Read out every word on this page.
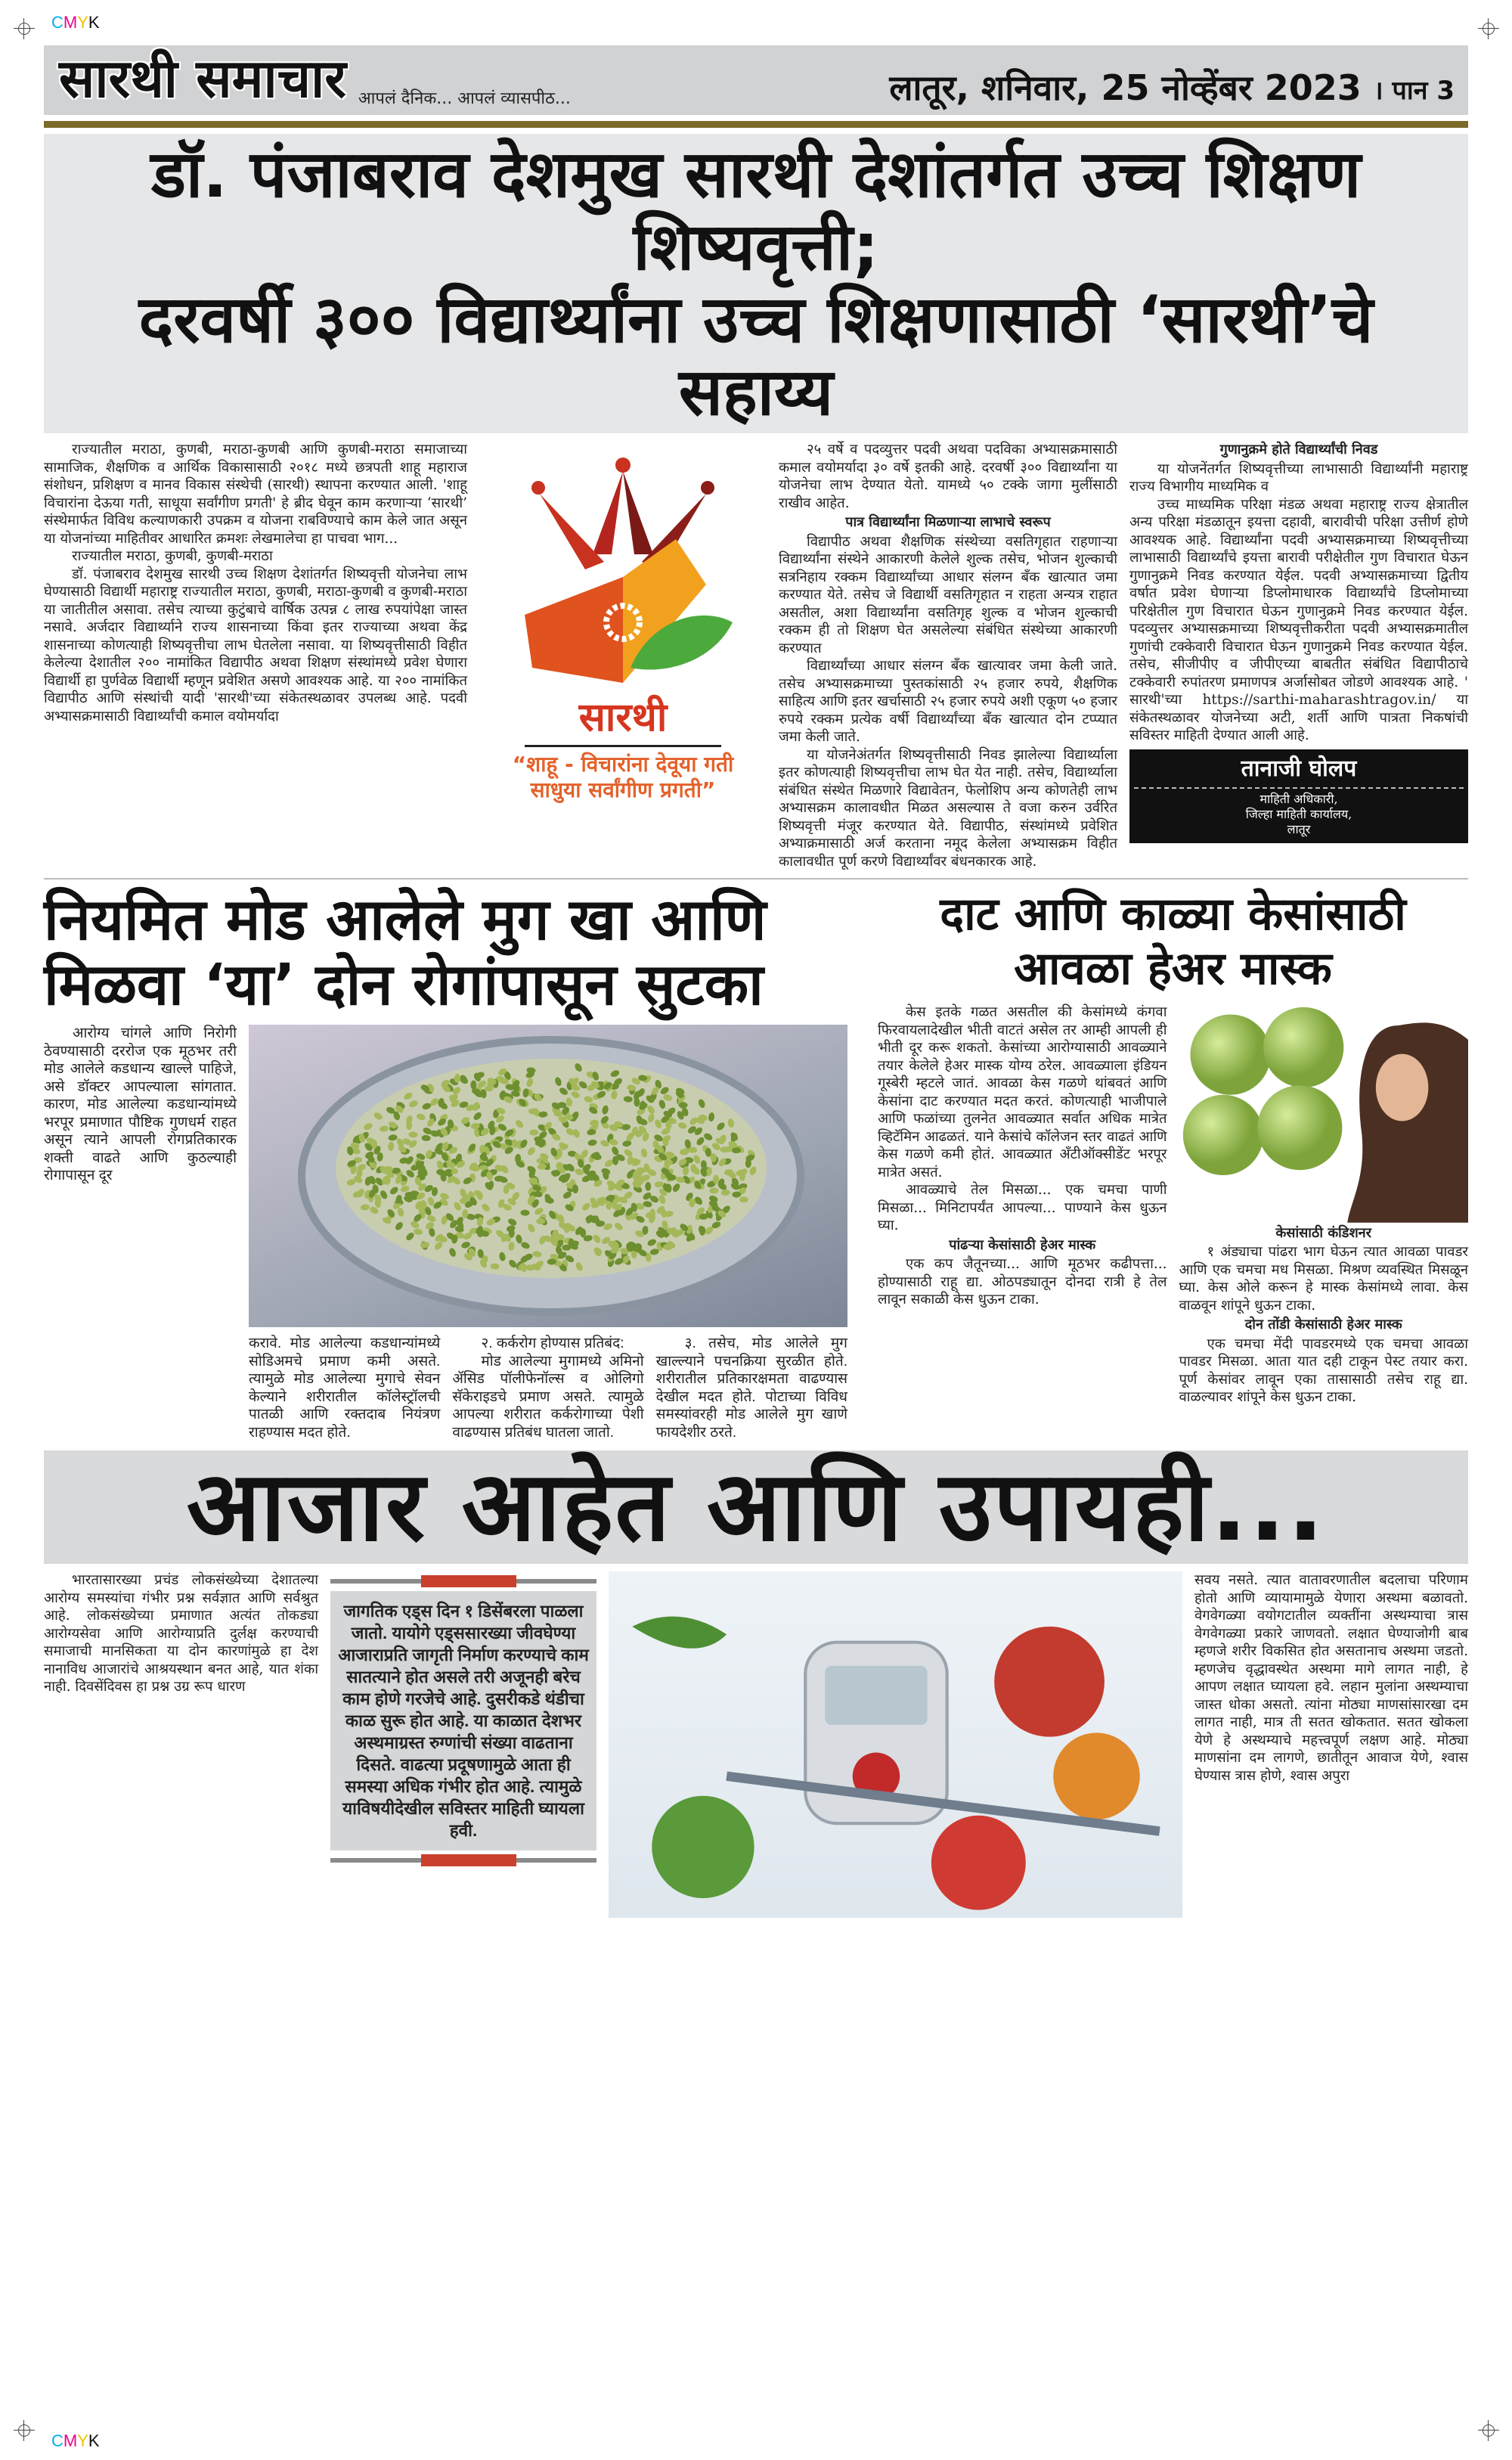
CMYK
सारथी समाचार आपलं दैनिक... आपलं व्यासपीठ...	लातूर, शनिवार, 25 नोव्हेंबर 2023 । पान 3
डॉ. पंजाबराव देशमुख सारथी देशांतर्गत उच्च शिक्षण शिष्यवृत्ती;
दरवर्षी ३०० विद्यार्थ्यांना उच्च शिक्षणासाठी ‘सारथी’चे सहाय्य

राज्यातील मराठा, कुणबी, मराठा-कुणबी आणि कुणबी-मराठा समाजाच्या सामाजिक, शैक्षणिक व आर्थिक विकासासाठी २०१८ मध्ये छत्रपती शाहू महाराज संशोधन, प्रशिक्षण व मानव विकास संस्थेची (सारथी) स्थापना करण्यात आली. 'शाहू विचारांना देऊया गती, साधूया सर्वांगीण प्रगती' हे ब्रीद घेवून काम करणाऱ्या ‘सारथी’ संस्थेमार्फत विविध कल्याणकारी उपक्रम व योजना राबविण्याचे काम केले जात असून या योजनांच्या माहितीवर आधारित क्रमशः लेखमालेचा हा पाचवा भाग...

राज्यातील मराठा, कुणबी, कुणबी-मराठा

डॉ. पंजाबराव देशमुख सारथी उच्च शिक्षण देशांतर्गत शिष्यवृत्ती योजनेचा लाभ घेण्यासाठी विद्यार्थी महाराष्ट्र राज्यातील मराठा, कुणबी, मराठा-कुणबी व कुणबी-मराठा या जातीतील असावा. तसेच त्याच्या कुटुंबाचे वार्षिक उत्पन्न ८ लाख रुपयांपेक्षा जास्त नसावे. अर्जदार विद्यार्थ्याने राज्य शासनाच्या किंवा इतर राज्याच्या अथवा केंद्र शासनाच्या कोणत्याही शिष्यवृत्तीचा लाभ घेतलेला नसावा. या शिष्यवृत्तीसाठी विहीत केलेल्या देशातील २०० नामांकित विद्यापीठ अथवा शिक्षण संस्थांमध्ये प्रवेश घेणारा विद्यार्थी हा पुर्णवेळ विद्यार्थी म्हणून प्रवेशित असणे आवश्यक आहे. या २०० नामांकित विद्यापीठ आणि संस्थांची यादी 'सारथी'च्या संकेतस्थळावर उपलब्ध आहे. पदवी अभ्यासक्रमासाठी विद्यार्थ्यांची कमाल वयोमर्यादा	सारथी
“शाहू - विचारांना देवूया गती
साधुया सर्वांगीण प्रगती”

२५ वर्षे व पदव्युत्तर पदवी अथवा पदविका अभ्यासक्रमासाठी कमाल वयोमर्यादा ३० वर्षे इतकी आहे. दरवर्षी ३०० विद्यार्थ्यांना या योजनेचा लाभ देण्यात येतो. यामध्ये ५० टक्के जागा मुलींसाठी राखीव आहेत.

पात्र विद्यार्थ्यांना मिळणाऱ्या लाभाचे स्वरूप

विद्यापीठ अथवा शैक्षणिक संस्थेच्या वसतिगृहात राहणाऱ्या विद्यार्थ्यांना संस्थेने आकारणी केलेले शुल्क तसेच, भोजन शुल्काची सत्रनिहाय रक्कम विद्यार्थ्यांच्या आधार संलग्न बँक खात्यात जमा करण्यात येते. तसेच जे विद्यार्थी वसतिगृहात न राहता अन्यत्र राहात असतील, अशा विद्यार्थ्यांना वसतिगृह शुल्क व भोजन शुल्काची रक्कम ही तो शिक्षण घेत असलेल्या संबंधित संस्थेच्या आकारणी करण्यात

विद्यार्थ्यांच्या आधार संलग्न बँक खात्यावर जमा केली जाते. तसेच अभ्यासक्रमाच्या पुस्तकांसाठी २५ हजार रुपये, शैक्षणिक साहित्य आणि इतर खर्चासाठी २५ हजार रुपये अशी एकूण ५० हजार रुपये रक्कम प्रत्येक वर्षी विद्यार्थ्यांच्या बँक खात्यात दोन टप्प्यात जमा केली जाते.

या योजनेअंतर्गत शिष्यवृत्तीसाठी निवड झालेल्या विद्यार्थ्याला इतर कोणत्याही शिष्यवृत्तीचा लाभ घेत येत नाही. तसेच, विद्यार्थ्याला संबंधित संस्थेत मिळणारे विद्यावेतन, फेलोशिप अन्य कोणतेही लाभ अभ्यासक्रम कालावधीत मिळत असल्यास ते वजा करुन उर्वरित शिष्यवृत्ती मंजूर करण्यात येते. विद्यापीठ, संस्थांमध्ये प्रवेशित अभ्याक्रमासाठी अर्ज करताना नमूद केलेला अभ्यासक्रम विहीत कालावधीत पूर्ण करणे विद्यार्थ्यांवर बंधनकारक आहे.

गुणानुक्रमे होते विद्यार्थ्यांची निवड

या योजनेंतर्गत शिष्यवृत्तीच्या लाभासाठी विद्यार्थ्यांनी महाराष्ट्र राज्य विभागीय माध्यमिक व

उच्च माध्यमिक परिक्षा मंडळ अथवा महाराष्ट्र राज्य क्षेत्रातील अन्य परिक्षा मंडळातून इयत्ता दहावी, बारावीची परिक्षा उत्तीर्ण होणे आवश्यक आहे. विद्यार्थ्यांना पदवी अभ्यासक्रमाच्या शिष्यवृत्तीच्या लाभासाठी विद्यार्थ्यांचे इयत्ता बारावी परीक्षेतील गुण विचारात घेऊन गुणानुक्रमे निवड करण्यात येईल. पदवी अभ्यासक्रमाच्या द्वितीय वर्षात प्रवेश घेणाऱ्या डिप्लोमाधारक विद्यार्थ्यांचे डिप्लोमाच्या परिक्षेतील गुण विचारात घेऊन गुणानुक्रमे निवड करण्यात येईल. पदव्युत्तर अभ्यासक्रमाच्या शिष्यवृत्तीकरीता पदवी अभ्यासक्रमातील गुणांची टक्केवारी विचारात घेऊन गुणानुक्रमे निवड करण्यात येईल. तसेच, सीजीपीए व जीपीएच्या बाबतीत संबंधित विद्यापीठाचे टक्केवारी रुपांतरण प्रमाणपत्र अर्जासोबत जोडणे आवश्यक आहे. ' सारथी'च्या https://sarthi-maharashtragov.in/ या संकेतस्थळावर योजनेच्या अटी, शर्ती आणि पात्रता निकषांची सविस्तर माहिती देण्यात आली आहे.

तानाजी घोलप
माहिती अधिकारी,
जिल्हा माहिती कार्यालय,
लातूर
नियमित मोड आलेले मुग खा आणि
मिळवा ‘या’ दोन रोगांपासून सुटका

आरोग्य चांगले आणि निरोगी ठेवण्यासाठी दररोज एक मूठभर तरी मोड आलेले कडधान्य खाल्ले पाहिजे, असे डॉक्टर आपल्याला सांगतात. कारण, मोड आलेल्या कडधान्यांमध्ये भरपूर प्रमाणात पौष्टिक गुणधर्म राहत असून त्याने आपली रोगप्रतिकारक शक्ती वाढते आणि कुठल्याही रोगापासून दूर

करावे. मोड आलेल्या कडधान्यांमध्ये सोडिअमचे प्रमाण कमी असते. त्यामुळे मोड आलेल्या मुगाचे सेवन केल्याने शरीरातील कॉलेस्ट्रॉलची पातळी आणि रक्तदाब नियंत्रण राहण्यास मदत होते.

२. कर्करोग होण्यास प्रतिबंद:

मोड आलेल्या मुगामध्ये अमिनो ॲसिड पॉलीफेनॉल्स व ओलिगो सॅकेराइडचे प्रमाण असते. त्यामुळे आपल्या शरीरात कर्करोगाच्या पेशी वाढण्यास प्रतिबंध घातला जातो.

३. तसेच, मोड आलेले मुग खाल्ल्याने पचनक्रिया सुरळीत होते. शरीरातील प्रतिकारक्षमता वाढण्यास देखील मदत होते. पोटाच्या विविध समस्यांवरही मोड आलेले मुग खाणे फायदेशीर ठरते.

दाट आणि काळ्या केसांसाठी
आवळा हेअर मास्क

केस इतके गळत असतील की केसांमध्ये कंगवा फिरवायलादेखील भीती वाटतं असेल तर आम्ही आपली ही भीती दूर करू शकतो. केसांच्या आरोग्यासाठी आवळ्याने तयार केलेले हेअर मास्क योग्य ठरेल. आवळ्याला इंडियन गूस्बेरी म्हटले जातं. आवळा केस गळणे थांबवतं आणि केसांना दाट करण्यात मदत करतं. कोणत्याही भाजीपाले आणि फळांच्या तुलनेत आवळ्यात सर्वात अधिक मात्रेत व्हिटॅमिन आढळतं. याने केसांचे कॉलेजन स्तर वाढतं आणि केस गळणे कमी होतं. आवळ्यात ॲंटीऑक्सीडेंट भरपूर मात्रेत असतं.

आवळ्याचे तेल मिसळा... एक चमचा पाणी मिसळा... मिनिटापर्यंत आपल्या... पाण्याने केस धुऊन घ्या.

पांढऱ्या केसांसाठी हेअर मास्क

एक कप जैतूनच्या... आणि मूठभर कढीपत्ता... होण्यासाठी राहू द्या. ओठपड्यातून दोनदा रात्री हे तेल लावून सकाळी केस धुऊन टाका.

केसांसाठी कंडिशनर

१ अंड्याचा पांढरा भाग घेऊन त्यात आवळा पावडर आणि एक चमचा मध मिसळा. मिश्रण व्यवस्थित मिसळून घ्या. केस ओले करून हे मास्क केसांमध्ये लावा. केस वाळवून शांपूने धुऊन टाका.

दोन तोंडी केसांसाठी हेअर मास्क

एक चमचा मेंदी पावडरमध्ये एक चमचा आवळा पावडर मिसळा. आता यात दही टाकून पेस्ट तयार करा. पूर्ण केसांवर लावून एका तासासाठी तसेच राहू द्या. वाळल्यावर शांपूने केस धुऊन टाका.

आजार आहेत आणि उपायही...

भारतासारख्या प्रचंड लोकसंख्येच्या देशातल्या आरोग्य समस्यांचा गंभीर प्रश्न सर्वज्ञात आणि सर्वश्रुत आहे. लोकसंख्येच्या प्रमाणात अत्यंत तोकड्या आरोग्यसेवा आणि आरोग्याप्रति दुर्लक्ष करण्याची समाजाची मानसिकता या दोन कारणांमुळे हा देश नानाविध आजारांचे आश्रयस्थान बनत आहे, यात शंका नाही. दिवसेंदिवस हा प्रश्न उग्र रूप धारण

जागतिक एड्स दिन १ डिसेंबरला पाळला जातो. यायोगे एड्ससारख्या जीवघेण्या आजाराप्रति जागृती निर्माण करण्याचे काम सातत्याने होत असले तरी अजूनही बरेच काम होणे गरजेचे आहे. दुसरीकडे थंडीचा काळ सुरू होत आहे. या काळात देशभर अस्थमाग्रस्त रुग्णांची संख्या वाढताना दिसते. वाढत्या प्रदूषणामुळे आता ही समस्या अधिक गंभीर होत आहे. त्यामुळे याविषयीदेखील सविस्तर माहिती घ्यायला हवी.

सवय नसते. त्यात वातावरणातील बदलाचा परिणाम होतो आणि व्यायामामुळे येणारा अस्थमा बळावतो. वेगवेगळ्या वयोगटातील व्यक्तींना अस्थम्याचा त्रास वेगवेगळ्या प्रकारे जाणवतो. लक्षात घेण्याजोगी बाब म्हणजे शरीर विकसित होत असतानाच अस्थमा जडतो. म्हणजेच वृद्धावस्थेत अस्थमा मागे लागत नाही, हे आपण लक्षात घ्यायला हवे. लहान मुलांना अस्थम्याचा जास्त धोका असतो. त्यांना मोठ्या माणसांसारखा दम लागत नाही, मात्र ती सतत खोकतात. सतत खोकला येणे हे अस्थम्याचे महत्त्वपूर्ण लक्षण आहे. मोठ्या माणसांना दम लागणे, छातीतून आवाज येणे, श्वास घेण्यास त्रास होणे, श्वास अपुरा

CMYK
